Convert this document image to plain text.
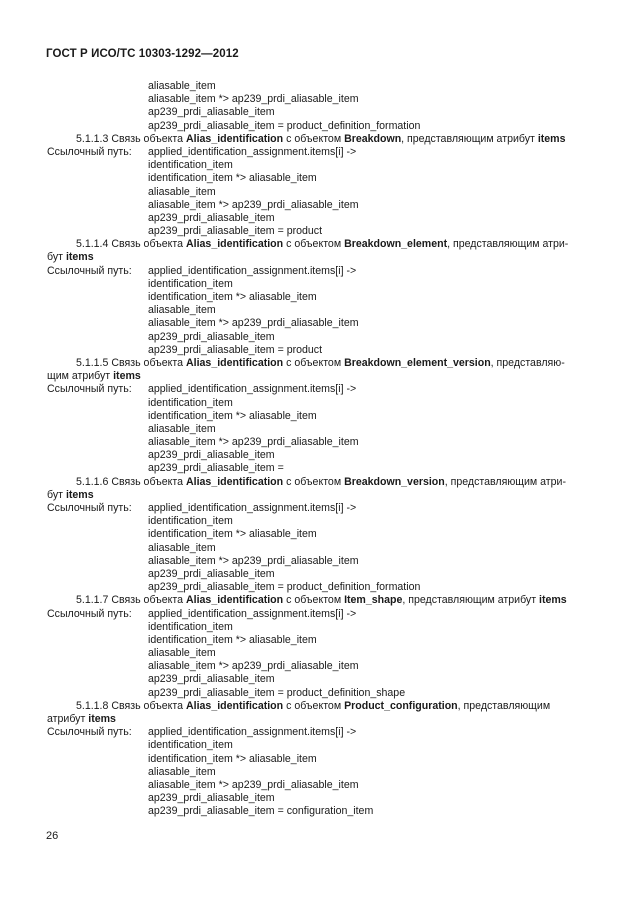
ГОСТ Р ИСО/ТС 10303-1292—2012
aliasable_item
aliasable_item *> ap239_prdi_aliasable_item
ap239_prdi_aliasable_item
ap239_prdi_aliasable_item = product_definition_formation
5.1.1.3 Связь объекта Alias_identification с объектом Breakdown, представляющим атрибут items
Ссылочный путь: applied_identification_assignment.items[i] ->
identification_item
identification_item *> aliasable_item
aliasable_item
aliasable_item *> ap239_prdi_aliasable_item
ap239_prdi_aliasable_item
ap239_prdi_aliasable_item = product
5.1.1.4 Связь объекта Alias_identification с объектом Breakdown_element, представляющим атри-
бут items
Ссылочный путь: applied_identification_assignment.items[i] ->
identification_item
identification_item *> aliasable_item
aliasable_item
aliasable_item *> ap239_prdi_aliasable_item
ap239_prdi_aliasable_item
ap239_prdi_aliasable_item = product
5.1.1.5 Связь объекта Alias_identification с объектом Breakdown_element_version, представляю-
щим атрибут items
Ссылочный путь: applied_identification_assignment.items[i] ->
identification_item
identification_item *> aliasable_item
aliasable_item
aliasable_item *> ap239_prdi_aliasable_item
ap239_prdi_aliasable_item
ap239_prdi_aliasable_item =
5.1.1.6 Связь объекта Alias_identification с объектом Breakdown_version, представляющим атри-
бут items
Ссылочный путь: applied_identification_assignment.items[i] ->
identification_item
identification_item *> aliasable_item
aliasable_item
aliasable_item *> ap239_prdi_aliasable_item
ap239_prdi_aliasable_item
ap239_prdi_aliasable_item = product_definition_formation
5.1.1.7 Связь объекта Alias_identification с объектом Item_shape, представляющим атрибут items
Ссылочный путь: applied_identification_assignment.items[i] ->
identification_item
identification_item *> aliasable_item
aliasable_item
aliasable_item *> ap239_prdi_aliasable_item
ap239_prdi_aliasable_item
ap239_prdi_aliasable_item = product_definition_shape
5.1.1.8 Связь объекта Alias_identification с объектом Product_configuration, представляющим
атрибут items
Ссылочный путь: applied_identification_assignment.items[i] ->
identification_item
identification_item *> aliasable_item
aliasable_item
aliasable_item *> ap239_prdi_aliasable_item
ap239_prdi_aliasable_item
ap239_prdi_aliasable_item = configuration_item
26
